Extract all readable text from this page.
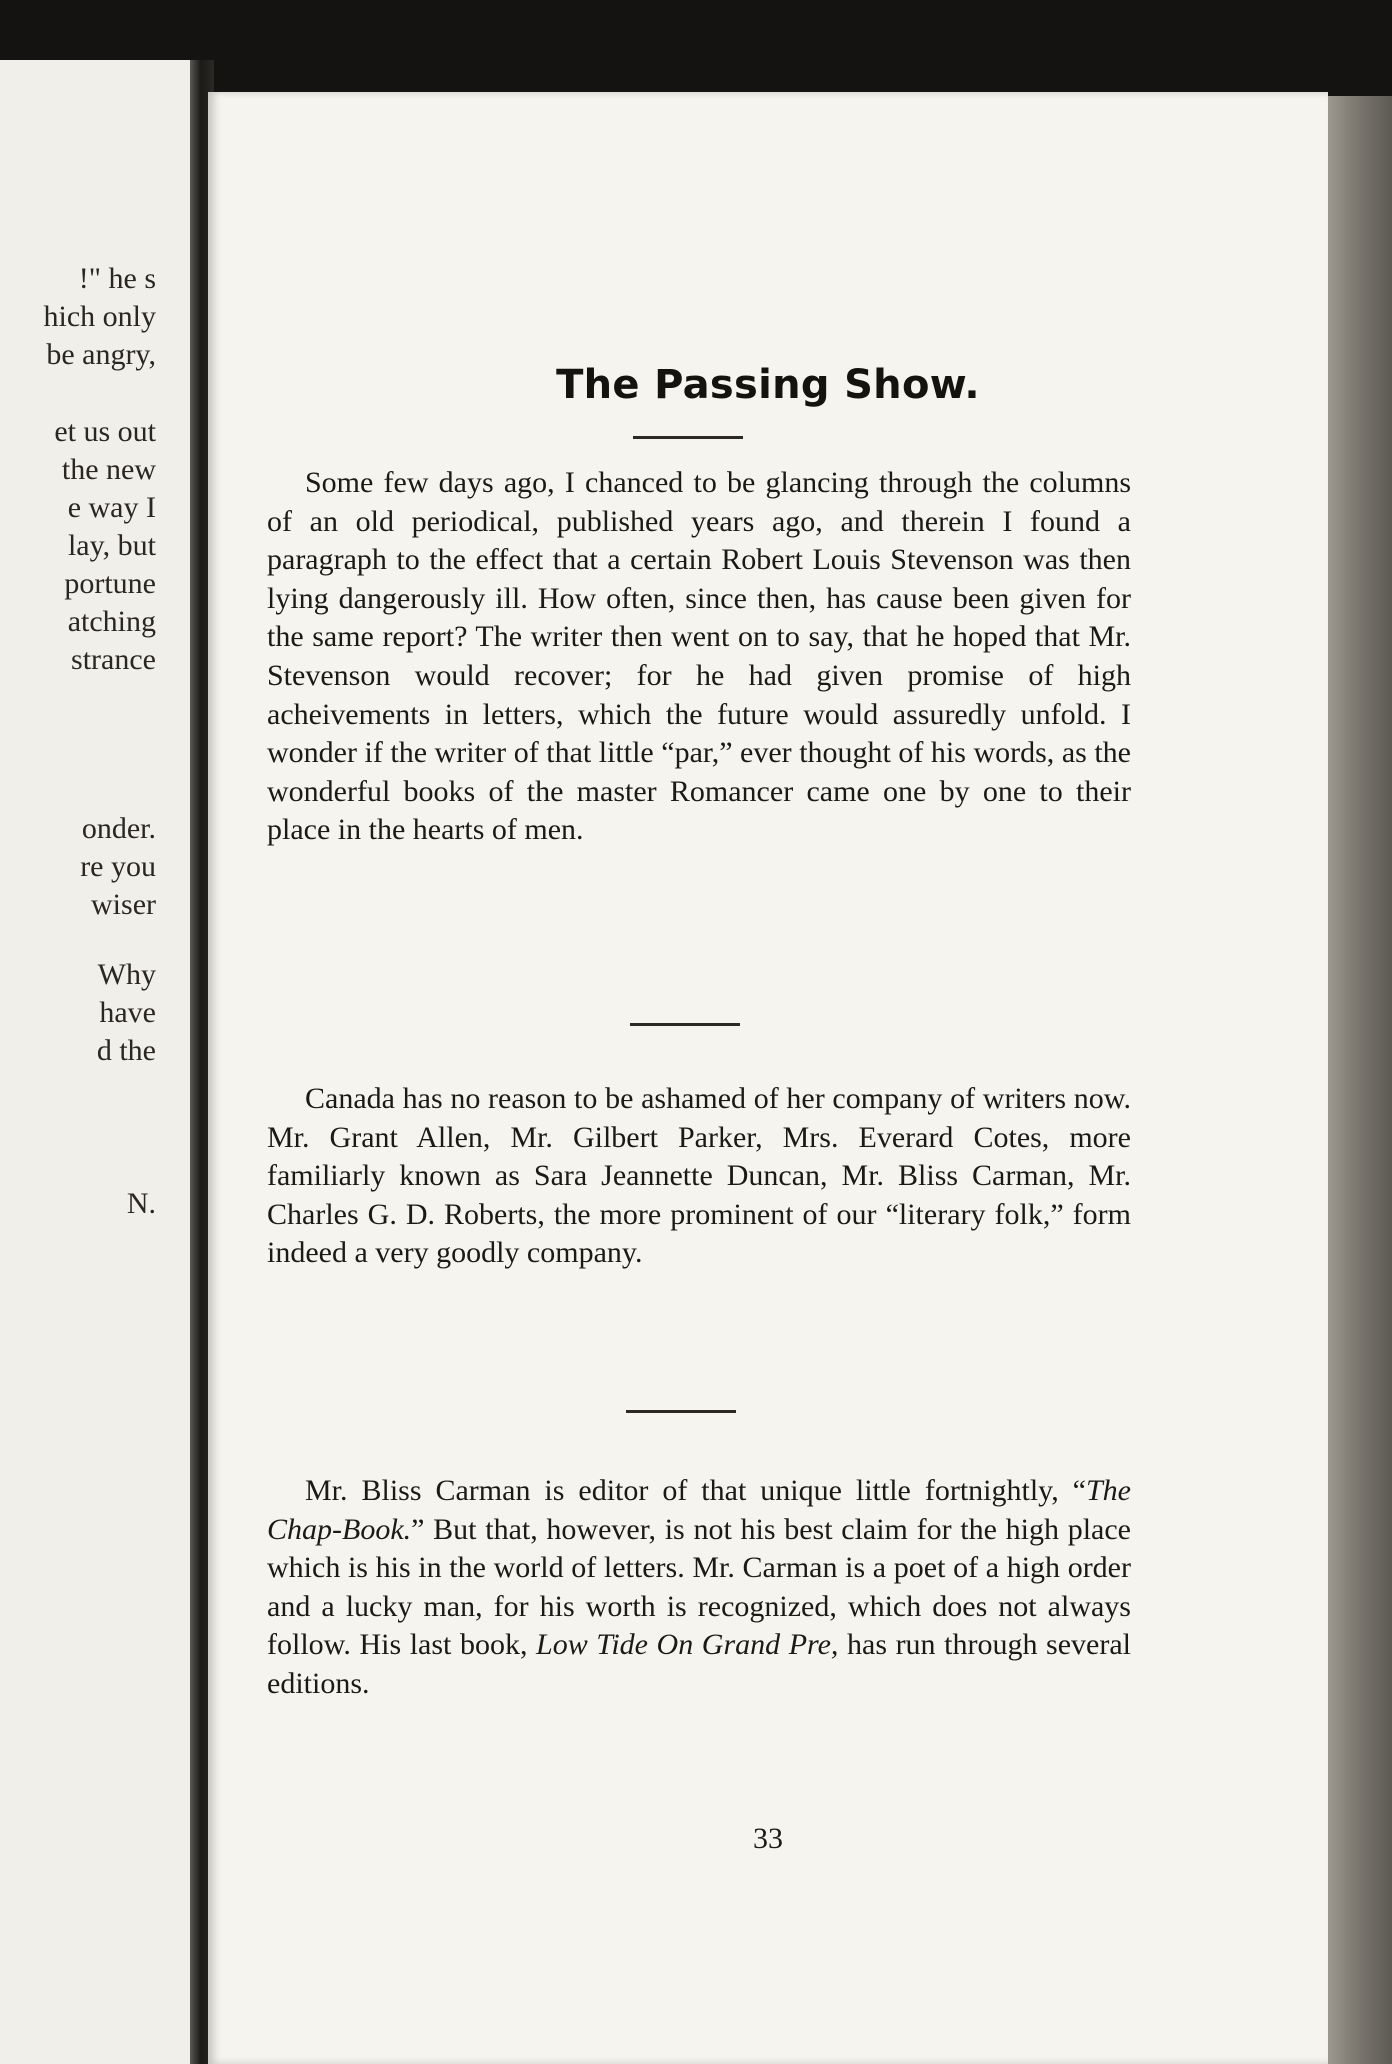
!" he s

hich only

be angry,

et us out

the new

e way I

lay, but

portune

atching

strance

onder.

re you

wiser

Why

have

d the

N.

The Passing Show.

Some few days ago, I chanced to be glancing through the columns of an old periodical, published years ago, and therein I found a paragraph to the effect that a certain Robert Louis Stevenson was then lying dangerously ill. How often, since then, has cause been given for the same report? The writer then went on to say, that he hoped that Mr. Stevenson would recover; for he had given promise of high acheivements in letters, which the future would assuredly unfold. I wonder if the writer of that little “par,” ever thought of his words, as the wonderful books of the master Romancer came one by one to their place in the hearts of men.

Canada has no reason to be ashamed of her company of writers now. Mr. Grant Allen, Mr. Gilbert Parker, Mrs. Everard Cotes, more familiarly known as Sara Jeannette Duncan, Mr. Bliss Carman, Mr. Charles G. D. Roberts, the more prominent of our “literary folk,” form indeed a very goodly company.

Mr. Bliss Carman is editor of that unique little fortnightly, “The Chap-Book.” But that, however, is not his best claim for the high place which is his in the world of letters. Mr. Carman is a poet of a high order and a lucky man, for his worth is recognized, which does not always follow. His last book, Low Tide On Grand Pre, has run through several editions.

33
